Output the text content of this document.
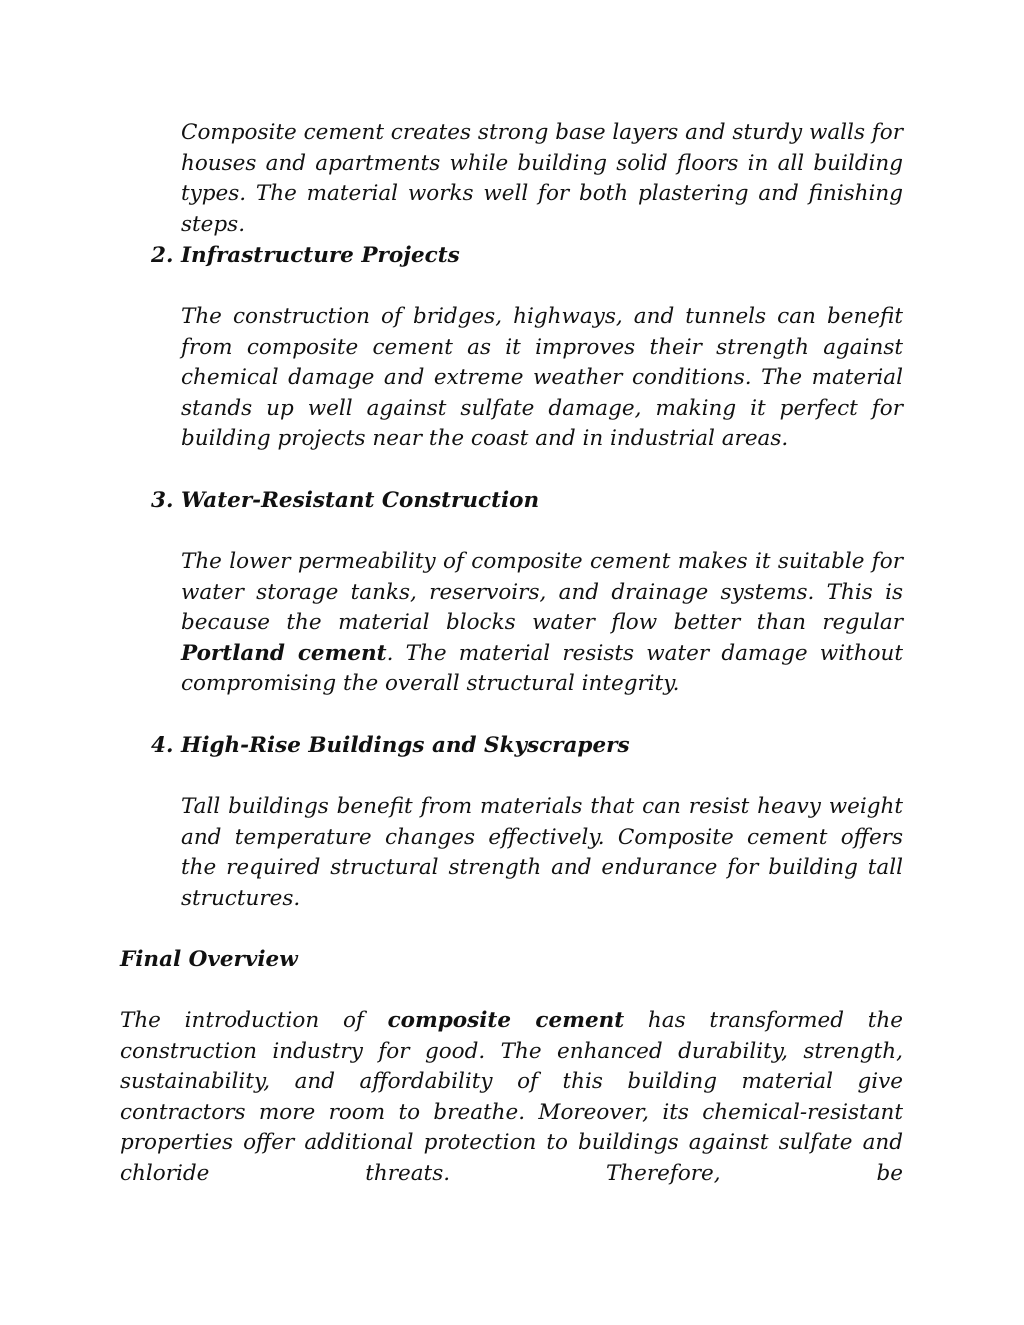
Composite cement creates strong base layers and sturdy walls for houses and apartments while building solid floors in all building types. The material works well for both plastering and finishing steps.

2. Infrastructure Projects

The construction of bridges, highways, and tunnels can benefit from composite cement as it improves their strength against chemical damage and extreme weather conditions. The material stands up well against sulfate damage, making it perfect for building projects near the coast and in industrial areas.

3. Water-Resistant Construction

The lower permeability of composite cement makes it suitable for water storage tanks, reservoirs, and drainage systems. This is because the material blocks water flow better than regular Portland cement. The material resists water damage without compromising the overall structural integrity.

4. High-Rise Buildings and Skyscrapers

Tall buildings benefit from materials that can resist heavy weight and temperature changes effectively. Composite cement offers the required structural strength and endurance for building tall structures.

Final Overview

The introduction of composite cement has transformed the construction industry for good. The enhanced durability, strength, sustainability, and affordability of this building material give contractors more room to breathe. Moreover, its chemical-resistant properties offer additional protection to buildings against sulfate and chloride threats. Therefore, be
